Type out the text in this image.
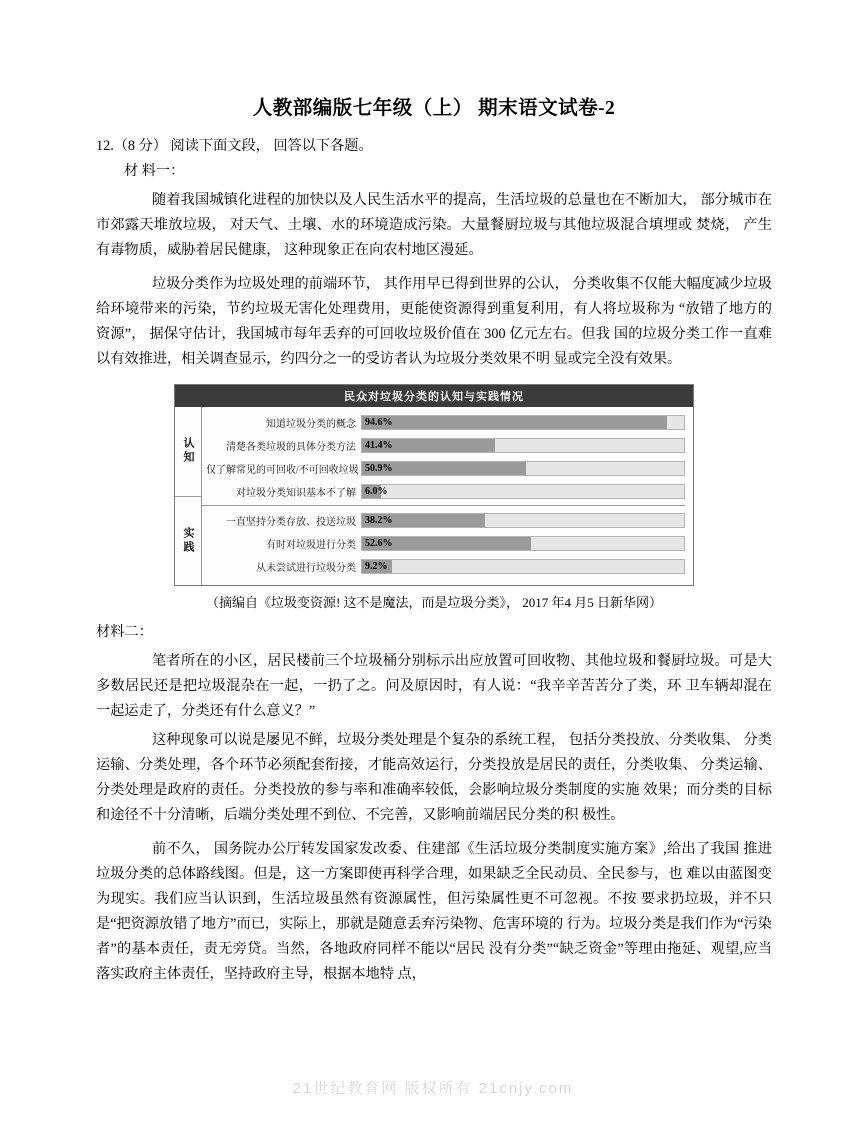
人教部编版七年级（上） 期末语文试卷-2

12.（8 分） 阅读下面文段， 回答以下各题。

材 料一：

随着我国城镇化进程的加快以及人民生活水平的提高，生活垃圾的总量也在不断加大， 部分城市在市郊露天堆放垃圾， 对天气、土壤、水的环境造成污染。大量餐厨垃圾与其他垃圾混合填埋或 焚烧， 产生有毒物质，威胁着居民健康， 这种现象正在向农村地区漫延。

垃圾分类作为垃圾处理的前端环节， 其作用早已得到世界的公认， 分类收集不仅能大幅度减少垃圾给环境带来的污染，节约垃圾无害化处理费用，更能使资源得到重复利用，有人将垃圾称为 “放错了地方的资源”， 据保守估计，我国城市每年丢弃的可回收垃圾价值在 300 亿元左右。但我 国的垃圾分类工作一直难以有效推进，相关调查显示，约四分之一的受访者认为垃圾分类效果不明 显或完全没有效果。

民众对垃圾分类的认知与实践情况
认知
实践
知道垃圾分类的概念 94.6%
清楚各类垃圾的具体分类方法 41.4%
仅了解常见的可回收/不可回收垃圾 50.9%
对垃圾分类知识基本不了解 6.0%
一直坚持分类存放、投送垃圾 38.2%
有时对垃圾进行分类 52.6%
从未尝试进行垃圾分类 9.2%

（摘编自《垃圾变资源! 这不是魔法，而是垃圾分类》， 2017 年4 月5 日新华网）

材料二：

笔者所在的小区，居民楼前三个垃圾桶分别标示出应放置可回收物、其他垃圾和餐厨垃圾。可是大多数居民还是把垃圾混杂在一起，一扔了之。问及原因时，有人说：“我辛辛苦苦分了类，环 卫车辆却混在一起运走了，分类还有什么意义？”

这种现象可以说是屡见不鲜，垃圾分类处理是个复杂的系统工程， 包括分类投放、分类收集、 分类运输、分类处理，各个环节必须配套衔接，才能高效运行，分类投放是居民的责任，分类收集、 分类运输、分类处理是政府的责任。分类投放的参与率和准确率较低，会影响垃圾分类制度的实施 效果；而分类的目标和途径不十分清晰，后端分类处理不到位、不完善，又影响前端居民分类的积 极性。

前不久， 国务院办公厅转发国家发改委、住建部《生活垃圾分类制度实施方案》,给出了我国 推进垃圾分类的总体路线图。但是，这一方案即使再科学合理，如果缺乏全民动员、全民参与，也 难以由蓝图变为现实。我们应当认识到，生活垃圾虽然有资源属性，但污染属性更不可忽视。不按 要求扔垃圾，并不只是“把资源放错了地方”而已，实际上，那就是随意丢弃污染物、危害环境的 行为。垃圾分类是我们作为“污染者”的基本责任，责无旁贷。当然，各地政府同样不能以“居民 没有分类”“缺乏资金”等理由拖延、观望,应当落实政府主体责任，坚持政府主导，根据本地特 点，

21世纪教育网 版权所有 21cnjy.com
